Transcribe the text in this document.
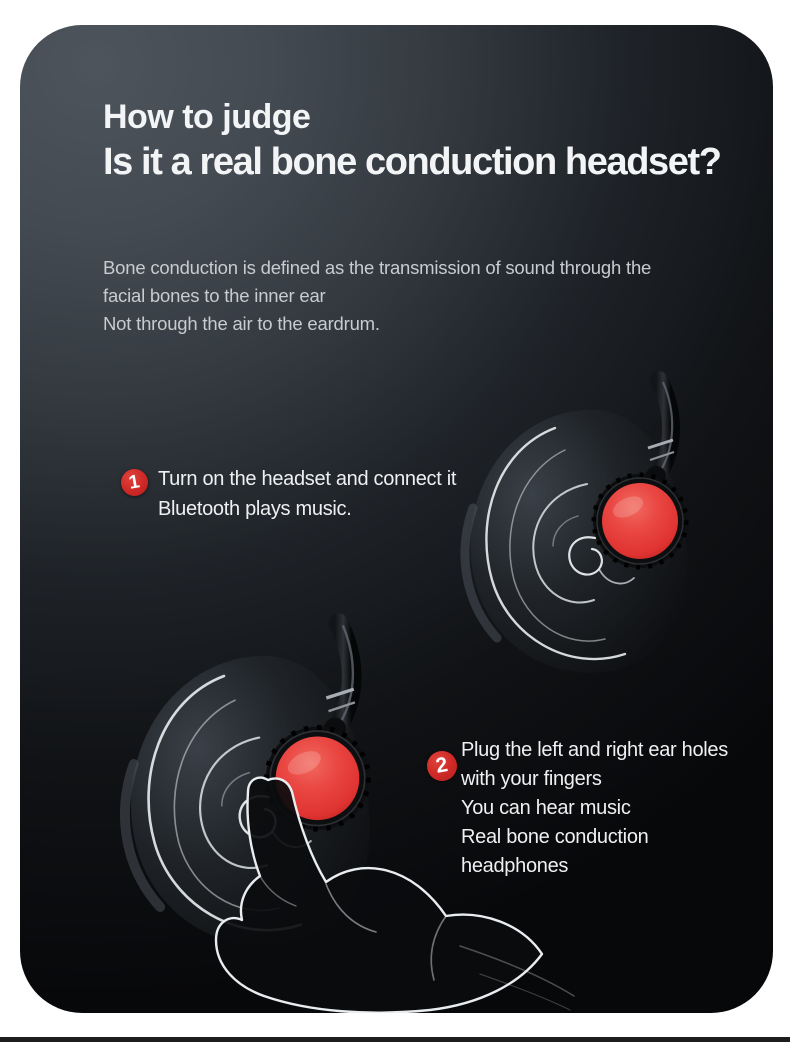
How to judge
Is it a real bone conduction headset?
Bone conduction is defined as the transmission of sound through the
facial bones to the inner ear
Not through the air to the eardrum.
1 Turn on the headset and connect it
Bluetooth plays music.
2
Plug the left and right ear holes
with your fingers
You can hear music
Real bone conduction
headphones
